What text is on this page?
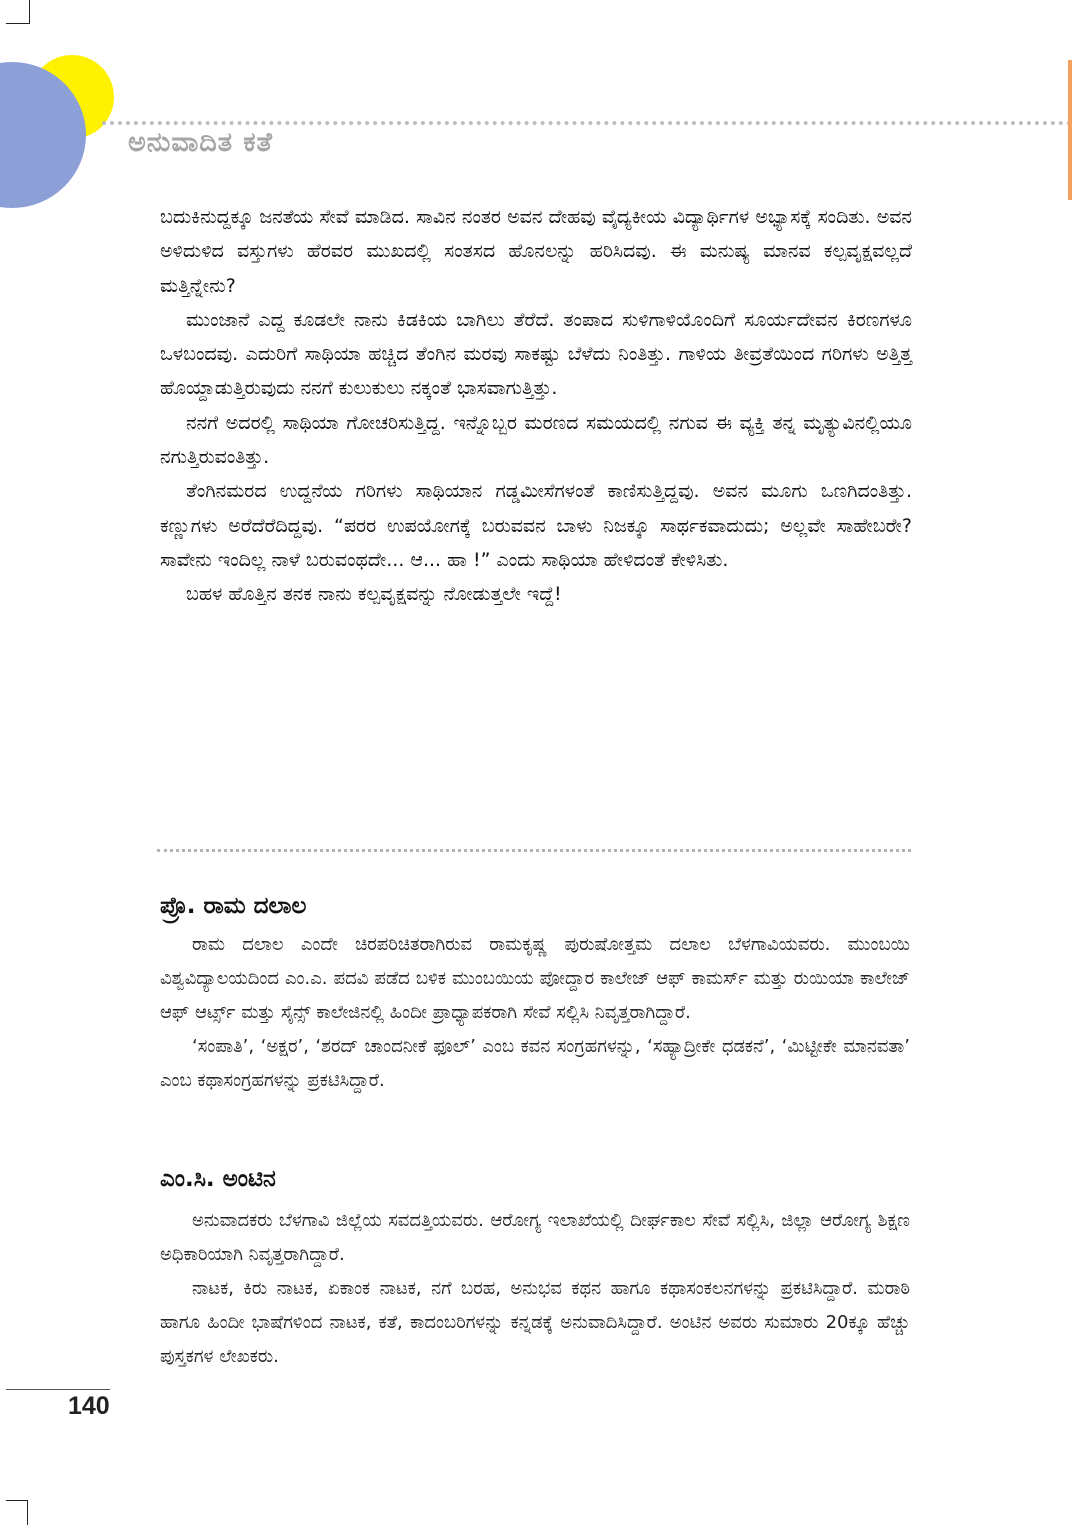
ಅನುವಾದಿತ ಕತೆ

ಬದುಕಿನುದ್ದಕ್ಕೂ ಜನತೆಯ ಸೇವೆ ಮಾಡಿದ. ಸಾವಿನ ನಂತರ ಅವನ ದೇಹವು ವೈದ್ಯಕೀಯ ವಿದ್ಯಾರ್ಥಿಗಳ ಅಭ್ಯಾಸಕ್ಕೆ ಸಂದಿತು. ಅವನ ಅಳಿದುಳಿದ ವಸ್ತುಗಳು ಹೆರವರ ಮುಖದಲ್ಲಿ ಸಂತಸದ ಹೊನಲನ್ನು ಹರಿಸಿದವು. ಈ ಮನುಷ್ಯ ಮಾನವ ಕಲ್ಪವೃಕ್ಷವಲ್ಲದೆ ಮತ್ತಿನ್ನೇನು?

ಮುಂಜಾನೆ ಎದ್ದ ಕೂಡಲೇ ನಾನು ಕಿಡಕಿಯ ಬಾಗಿಲು ತೆರೆದೆ. ತಂಪಾದ ಸುಳಿಗಾಳಿಯೊಂದಿಗೆ ಸೂರ್ಯದೇವನ ಕಿರಣಗಳೂ ಒಳಬಂದವು. ಎದುರಿಗೆ ಸಾಥಿಯಾ ಹಚ್ಚಿದ ತೆಂಗಿನ ಮರವು ಸಾಕಷ್ಟು ಬೆಳೆದು ನಿಂತಿತ್ತು. ಗಾಳಿಯ ತೀವ್ರತೆಯಿಂದ ಗರಿಗಳು ಅತ್ತಿತ್ತ ಹೊಯ್ದಾಡುತ್ತಿರುವುದು ನನಗೆ ಕುಲುಕುಲು ನಕ್ಕಂತೆ ಭಾಸವಾಗುತ್ತಿತ್ತು.

ನನಗೆ ಅದರಲ್ಲಿ ಸಾಥಿಯಾ ಗೋಚರಿಸುತ್ತಿದ್ದ. ಇನ್ನೊಬ್ಬರ ಮರಣದ ಸಮಯದಲ್ಲಿ ನಗುವ ಈ ವ್ಯಕ್ತಿ ತನ್ನ ಮೃತ್ಯುವಿನಲ್ಲಿಯೂ ನಗುತ್ತಿರುವಂತಿತ್ತು.

ತೆಂಗಿನಮರದ ಉದ್ದನೆಯ ಗರಿಗಳು ಸಾಥಿಯಾನ ಗಡ್ಡಮೀಸೆಗಳಂತೆ ಕಾಣಿಸುತ್ತಿದ್ದವು. ಅವನ ಮೂಗು ಒಣಗಿದಂತಿತ್ತು. ಕಣ್ಣುಗಳು ಅರೆದೆರೆದಿದ್ದವು. “ಪರರ ಉಪಯೋಗಕ್ಕೆ ಬರುವವನ ಬಾಳು ನಿಜಕ್ಕೂ ಸಾರ್ಥಕವಾದುದು; ಅಲ್ಲವೇ ಸಾಹೇಬರೇ? ಸಾವೇನು ಇಂದಿಲ್ಲ ನಾಳೆ ಬರುವಂಥದೇ... ಆ... ಹಾ !” ಎಂದು ಸಾಥಿಯಾ ಹೇಳಿದಂತೆ ಕೇಳಿಸಿತು.

ಬಹಳ ಹೊತ್ತಿನ ತನಕ ನಾನು ಕಲ್ಪವೃಕ್ಷವನ್ನು ನೋಡುತ್ತಲೇ ಇದ್ದೆ!

ಪ್ರೊ. ರಾಮ ದಲಾಲ

ರಾಮ ದಲಾಲ ಎಂದೇ ಚಿರಪರಿಚಿತರಾಗಿರುವ ರಾಮಕೃಷ್ಣ ಪುರುಷೋತ್ತಮ ದಲಾಲ ಬೆಳಗಾವಿಯವರು. ಮುಂಬಯಿ ವಿಶ್ವವಿದ್ಯಾಲಯದಿಂದ ಎಂ.ಎ. ಪದವಿ ಪಡೆದ ಬಳಿಕ ಮುಂಬಯಿಯ ಪೋದ್ದಾರ ಕಾಲೇಜ್ ಆಫ್ ಕಾಮರ್ಸ್ ಮತ್ತು ರುಯಿಯಾ ಕಾಲೇಜ್ ಆಫ್ ಆರ್ಟ್ಸ್ ಮತ್ತು ಸೈನ್ಸ್ ಕಾಲೇಜಿನಲ್ಲಿ ಹಿಂದೀ ಪ್ರಾಧ್ಯಾಪಕರಾಗಿ ಸೇವೆ ಸಲ್ಲಿಸಿ ನಿವೃತ್ತರಾಗಿದ್ದಾರೆ.

‘ಸಂಪಾತಿ’, ‘ಅಕ್ಷರ’, ‘ಶರದ್ ಚಾಂದನೀಕೆ ಫೂಲ್’ ಎಂಬ ಕವನ ಸಂಗ್ರಹಗಳನ್ನು, ‘ಸಹ್ಯಾದ್ರೀಕೇ ಧಡಕನೆ’, ‘ಮಿಟ್ಟೀಕೇ ಮಾನವತಾ’ ಎಂಬ ಕಥಾಸಂಗ್ರಹಗಳನ್ನು ಪ್ರಕಟಿಸಿದ್ದಾರೆ.

ಎಂ.ಸಿ. ಅಂಟಿನ

ಅನುವಾದಕರು ಬೆಳಗಾವಿ ಜಿಲ್ಲೆಯ ಸವದತ್ತಿಯವರು. ಆರೋಗ್ಯ ಇಲಾಖೆಯಲ್ಲಿ ದೀರ್ಘಕಾಲ ಸೇವೆ ಸಲ್ಲಿಸಿ, ಜಿಲ್ಲಾ ಆರೋಗ್ಯ ಶಿಕ್ಷಣ ಅಧಿಕಾರಿಯಾಗಿ ನಿವೃತ್ತರಾಗಿದ್ದಾರೆ.

ನಾಟಕ, ಕಿರು ನಾಟಕ, ಏಕಾಂಕ ನಾಟಕ, ನಗೆ ಬರಹ, ಅನುಭವ ಕಥನ ಹಾಗೂ ಕಥಾಸಂಕಲನಗಳನ್ನು ಪ್ರಕಟಿಸಿದ್ದಾರೆ. ಮರಾಠಿ ಹಾಗೂ ಹಿಂದೀ ಭಾಷೆಗಳಿಂದ ನಾಟಕ, ಕತೆ, ಕಾದಂಬರಿಗಳನ್ನು ಕನ್ನಡಕ್ಕೆ ಅನುವಾದಿಸಿದ್ದಾರೆ. ಅಂಟಿನ ಅವರು ಸುಮಾರು 20ಕ್ಕೂ ಹೆಚ್ಚು ಪುಸ್ತಕಗಳ ಲೇಖಕರು.

140
